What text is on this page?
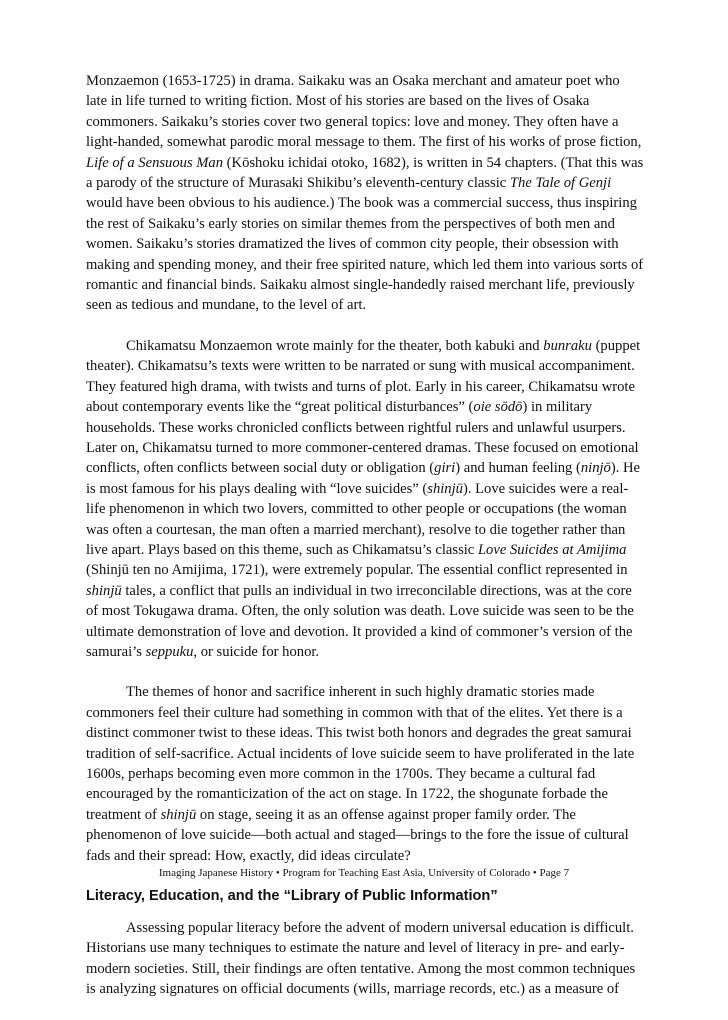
Monzaemon (1653-1725) in drama. Saikaku was an Osaka merchant and amateur poet who late in life turned to writing fiction. Most of his stories are based on the lives of Osaka commoners. Saikaku’s stories cover two general topics: love and money. They often have a light-handed, somewhat parodic moral message to them. The first of his works of prose fiction, Life of a Sensuous Man (Kōshoku ichidai otoko, 1682), is written in 54 chapters. (That this was a parody of the structure of Murasaki Shikibu’s eleventh-century classic The Tale of Genji would have been obvious to his audience.) The book was a commercial success, thus inspiring the rest of Saikaku’s early stories on similar themes from the perspectives of both men and women. Saikaku’s stories dramatized the lives of common city people, their obsession with making and spending money, and their free spirited nature, which led them into various sorts of romantic and financial binds. Saikaku almost single-handedly raised merchant life, previously seen as tedious and mundane, to the level of art.

Chikamatsu Monzaemon wrote mainly for the theater, both kabuki and bunraku (puppet theater). Chikamatsu’s texts were written to be narrated or sung with musical accompaniment. They featured high drama, with twists and turns of plot. Early in his career, Chikamatsu wrote about contemporary events like the “great political disturbances” (oie sōdō) in military households. These works chronicled conflicts between rightful rulers and unlawful usurpers. Later on, Chikamatsu turned to more commoner-centered dramas. These focused on emotional conflicts, often conflicts between social duty or obligation (giri) and human feeling (ninjō). He is most famous for his plays dealing with “love suicides” (shinjū). Love suicides were a real-life phenomenon in which two lovers, committed to other people or occupations (the woman was often a courtesan, the man often a married merchant), resolve to die together rather than live apart. Plays based on this theme, such as Chikamatsu’s classic Love Suicides at Amijima (Shinjū ten no Amijima, 1721), were extremely popular. The essential conflict represented in shinjū tales, a conflict that pulls an individual in two irreconcilable directions, was at the core of most Tokugawa drama. Often, the only solution was death. Love suicide was seen to be the ultimate demonstration of love and devotion. It provided a kind of commoner’s version of the samurai’s seppuku, or suicide for honor.

The themes of honor and sacrifice inherent in such highly dramatic stories made commoners feel their culture had something in common with that of the elites. Yet there is a distinct commoner twist to these ideas. This twist both honors and degrades the great samurai tradition of self-sacrifice. Actual incidents of love suicide seem to have proliferated in the late 1600s, perhaps becoming even more common in the 1700s. They became a cultural fad encouraged by the romanticization of the act on stage. In 1722, the shogunate forbade the treatment of shinjū on stage, seeing it as an offense against proper family order. The phenomenon of love suicide—both actual and staged—brings to the fore the issue of cultural fads and their spread: How, exactly, did ideas circulate?

Literacy, Education, and the “Library of Public Information”

Assessing popular literacy before the advent of modern universal education is difficult. Historians use many techniques to estimate the nature and level of literacy in pre- and early-modern societies. Still, their findings are often tentative. Among the most common techniques is analyzing signatures on official documents (wills, marriage records, etc.) as a measure of

Imaging Japanese History • Program for Teaching East Asia, University of Colorado • Page 7
